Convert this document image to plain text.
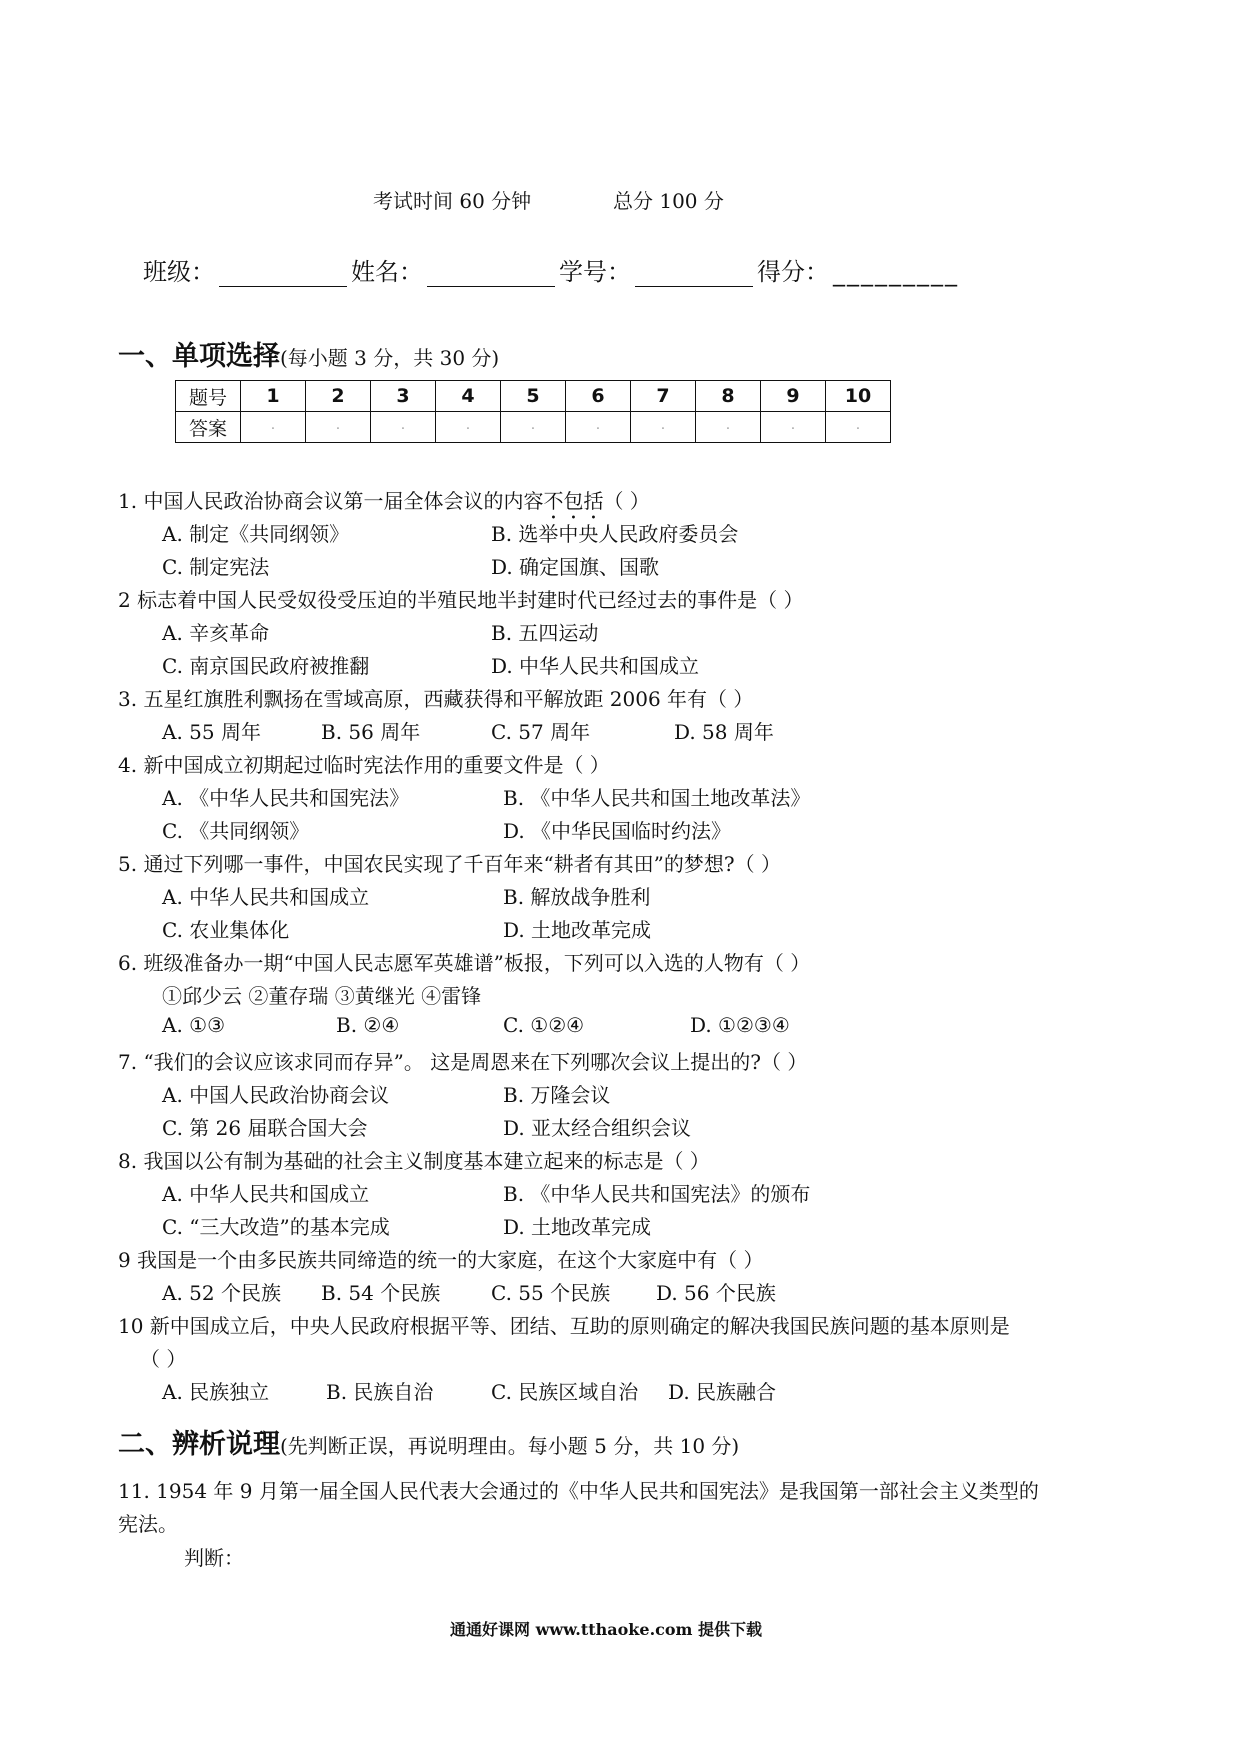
考试时间 60 分钟	总分 100 分
班级：	姓名：	学号：	得分： _________
一、单项选择(每小题 3 分，共 30 分)
题号	1	2	3	4	5	6	7	8	9	10
答案	.	.	.	.	.	.	.	.	.	.
1. 中国人民政治协商会议第一届全体会议的内容不包括（ ）
A. 制定《共同纲领》	B. 选举中央人民政府委员会
C. 制定宪法	D. 确定国旗、国歌
2 标志着中国人民受奴役受压迫的半殖民地半封建时代已经过去的事件是（ ）
A. 辛亥革命	B. 五四运动
C. 南京国民政府被推翻	D. 中华人民共和国成立
3. 五星红旗胜利飘扬在雪域高原，西藏获得和平解放距 2006 年有（ ）
A. 55 周年	B. 56 周年	C. 57 周年	D. 58 周年
4. 新中国成立初期起过临时宪法作用的重要文件是（ ）
A. 《中华人民共和国宪法》	B. 《中华人民共和国土地改革法》
C. 《共同纲领》	D. 《中华民国临时约法》
5. 通过下列哪一事件，中国农民实现了千百年来“耕者有其田”的梦想?（ ）
A. 中华人民共和国成立	B. 解放战争胜利
C. 农业集体化	D. 土地改革完成
6. 班级准备办一期“中国人民志愿军英雄谱”板报，下列可以入选的人物有（ ）
①邱少云 ②董存瑞 ③黄继光 ④雷锋
A. ①③	B. ②④	C. ①②④	D. ①②③④
7. “我们的会议应该求同而存异”。 这是周恩来在下列哪次会议上提出的?（ ）
A. 中国人民政治协商会议	B. 万隆会议
C. 第 26 届联合国大会	D. 亚太经合组织会议
8. 我国以公有制为基础的社会主义制度基本建立起来的标志是（ ）
A. 中华人民共和国成立	B. 《中华人民共和国宪法》的颁布
C. “三大改造”的基本完成	D. 土地改革完成
9 我国是一个由多民族共同缔造的统一的大家庭，在这个大家庭中有（ ）
A. 52 个民族 B. 54 个民族	C. 55 个民族 D. 56 个民族
10 新中国成立后，中央人民政府根据平等、团结、互助的原则确定的解决我国民族问题的基本原则是
（ ）
A. 民族独立	B. 民族自治	C. 民族区域自治 D. 民族融合
二、辨析说理(先判断正误，再说明理由。每小题 5 分，共 10 分)
11. 1954 年 9 月第一届全国人民代表大会通过的《中华人民共和国宪法》是我国第一部社会主义类型的
宪法。
判断：
通通好课网 www.tthaoke.com 提供下载
